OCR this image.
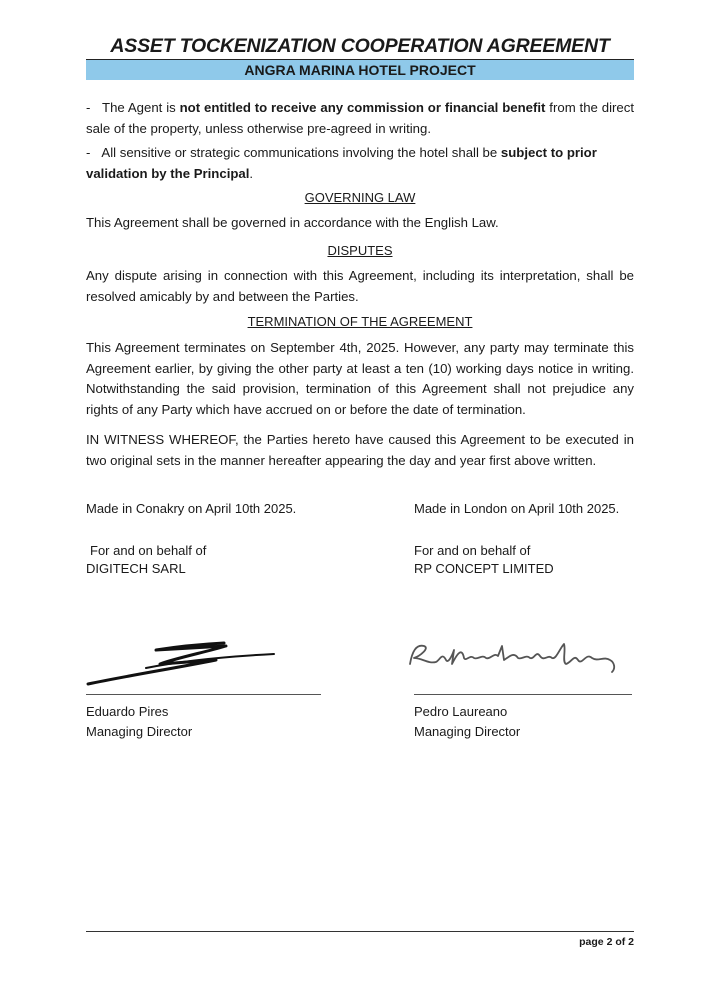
ASSET TOCKENIZATION COOPERATION AGREEMENT
ANGRA MARINA HOTEL PROJECT

- The Agent is not entitled to receive any commission or financial benefit from the direct sale of the property, unless otherwise pre-agreed in writing.

- All sensitive or strategic communications involving the hotel shall be subject to prior validation by the Principal.

GOVERNING LAW

This Agreement shall be governed in accordance with the English Law.

DISPUTES

Any dispute arising in connection with this Agreement, including its interpretation, shall be resolved amicably by and between the Parties.

TERMINATION OF THE AGREEMENT

This Agreement terminates on September 4th, 2025. However, any party may terminate this Agreement earlier, by giving the other party at least a ten (10) working days notice in writing. Notwithstanding the said provision, termination of this Agreement shall not prejudice any rights of any Party which have accrued on or before the date of termination.

IN WITNESS WHEREOF, the Parties hereto have caused this Agreement to be executed in two original sets in the manner hereafter appearing the day and year first above written.

Made in Conakry on April 10th 2025.
For and on behalf of
DIGITECH SARL
Eduardo Pires
Managing Director
Made in London on April 10th 2025.
For and on behalf of
RP CONCEPT LIMITED
Pedro Laureano
Managing Director
page 2 of 2
